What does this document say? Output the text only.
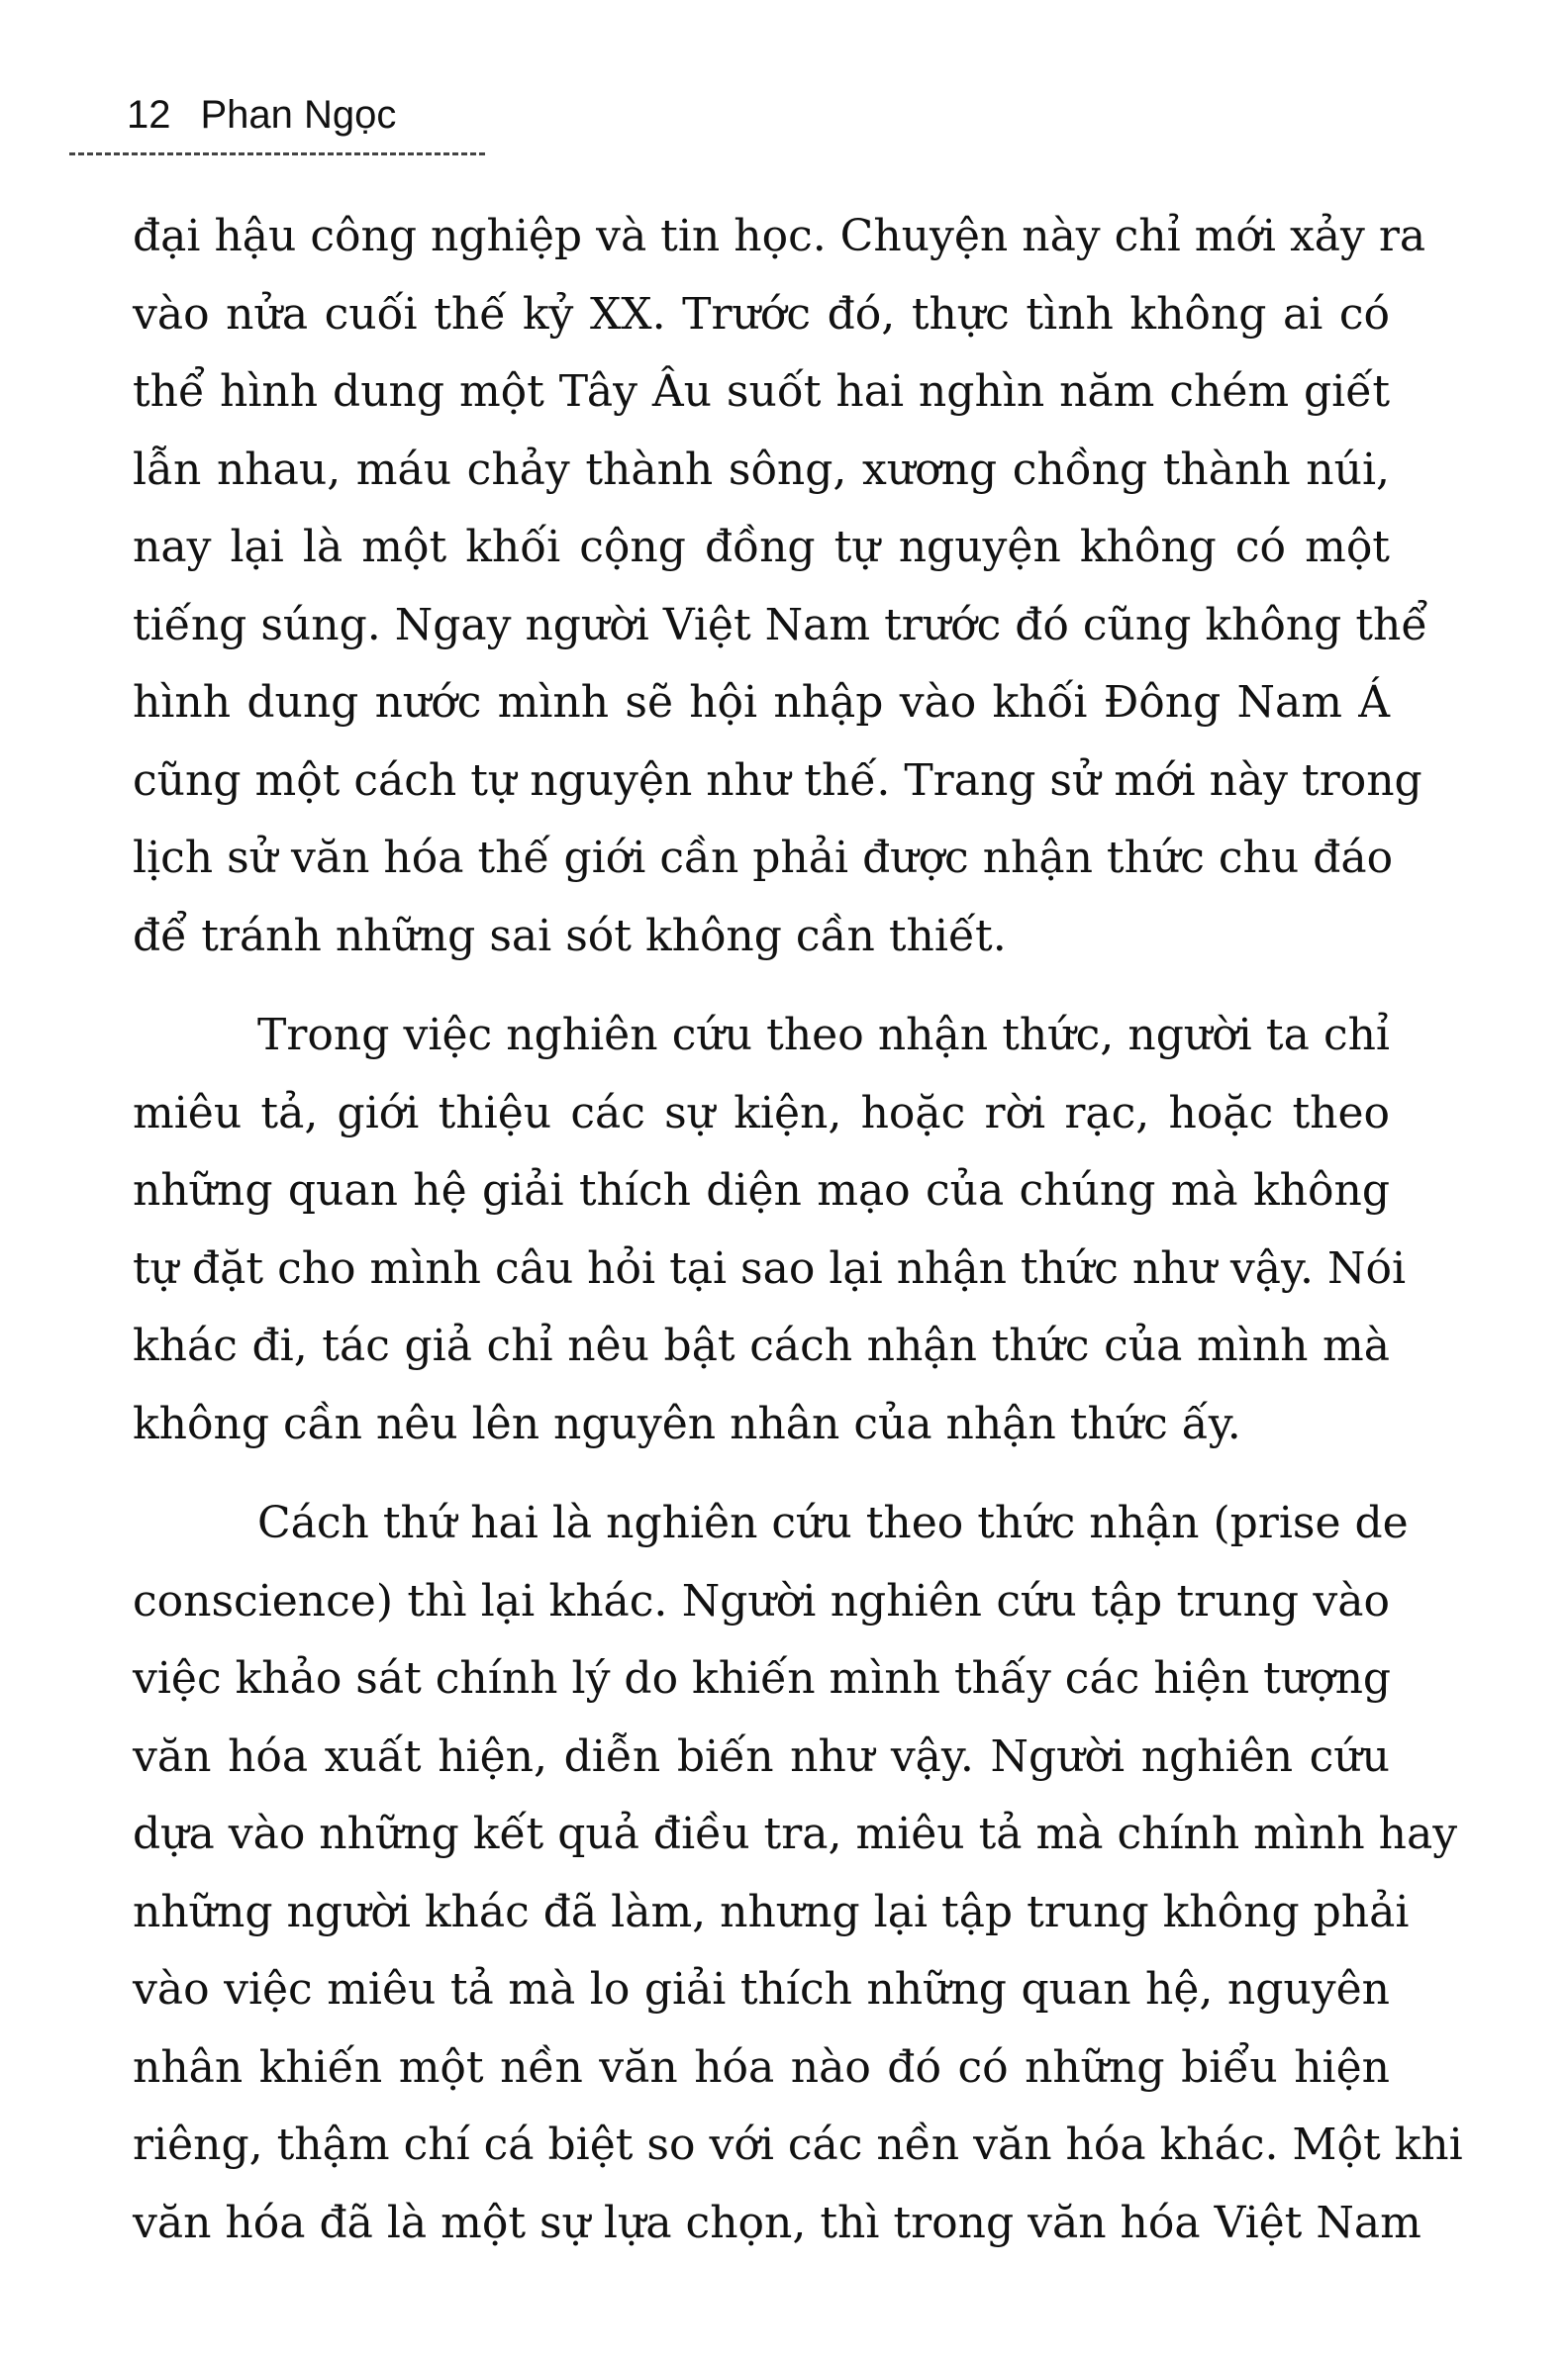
12 Phan Ngọc
đại hậu công nghiệp và tin học. Chuyện này chỉ mới xảy ra
vào nửa cuối thế kỷ XX. Trước đó, thực tình không ai có
thể hình dung một Tây Âu suốt hai nghìn năm chém giết
lẫn nhau, máu chảy thành sông, xương chồng thành núi,
nay lại là một khối cộng đồng tự nguyện không có một
tiếng súng. Ngay người Việt Nam trước đó cũng không thể
hình dung nước mình sẽ hội nhập vào khối Đông Nam Á
cũng một cách tự nguyện như thế. Trang sử mới này trong
lịch sử văn hóa thế giới cần phải được nhận thức chu đáo
để tránh những sai sót không cần thiết.
Trong việc nghiên cứu theo nhận thức, người ta chỉ
miêu tả, giới thiệu các sự kiện, hoặc rời rạc, hoặc theo
những quan hệ giải thích diện mạo của chúng mà không
tự đặt cho mình câu hỏi tại sao lại nhận thức như vậy. Nói
khác đi, tác giả chỉ nêu bật cách nhận thức của mình mà
không cần nêu lên nguyên nhân của nhận thức ấy.
Cách thứ hai là nghiên cứu theo thức nhận (prise de
conscience) thì lại khác. Người nghiên cứu tập trung vào
việc khảo sát chính lý do khiến mình thấy các hiện tượng
văn hóa xuất hiện, diễn biến như vậy. Người nghiên cứu
dựa vào những kết quả điều tra, miêu tả mà chính mình hay
những người khác đã làm, nhưng lại tập trung không phải
vào việc miêu tả mà lo giải thích những quan hệ, nguyên
nhân khiến một nền văn hóa nào đó có những biểu hiện
riêng, thậm chí cá biệt so với các nền văn hóa khác. Một khi
văn hóa đã là một sự lựa chọn, thì trong văn hóa Việt Nam
